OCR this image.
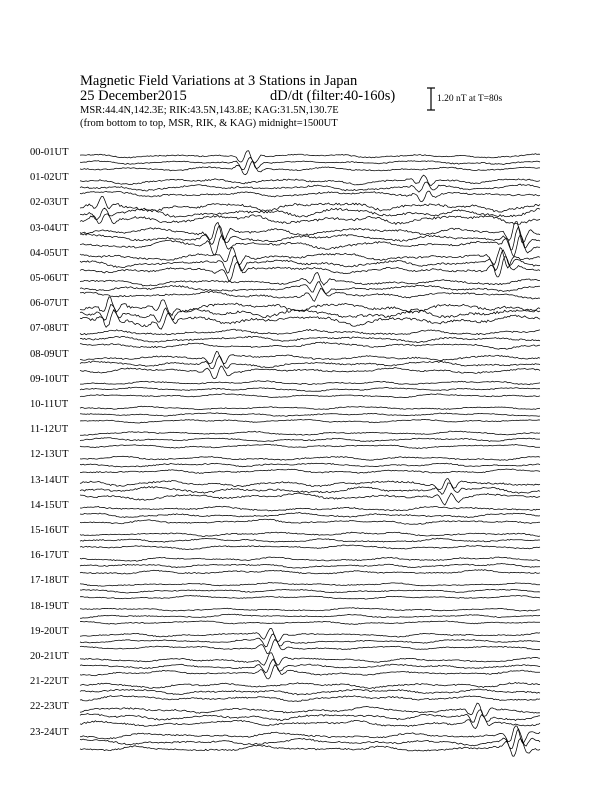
Magnetic Field Variations at 3 Stations in Japan
25 December2015	dD/dt (filter:40-160s)
MSR:44.4N,142.3E; RIK:43.5N,143.8E; KAG:31.5N,130.7E
(from bottom to top, MSR, RIK, & KAG) midnight=1500UT
1.20 nT at T=80s
00-01UT
01-02UT
02-03UT
03-04UT
04-05UT
05-06UT
06-07UT
07-08UT
08-09UT
09-10UT
10-11UT
11-12UT
12-13UT
13-14UT
14-15UT
15-16UT
16-17UT
17-18UT
18-19UT
19-20UT
20-21UT
21-22UT
22-23UT
23-24UT
